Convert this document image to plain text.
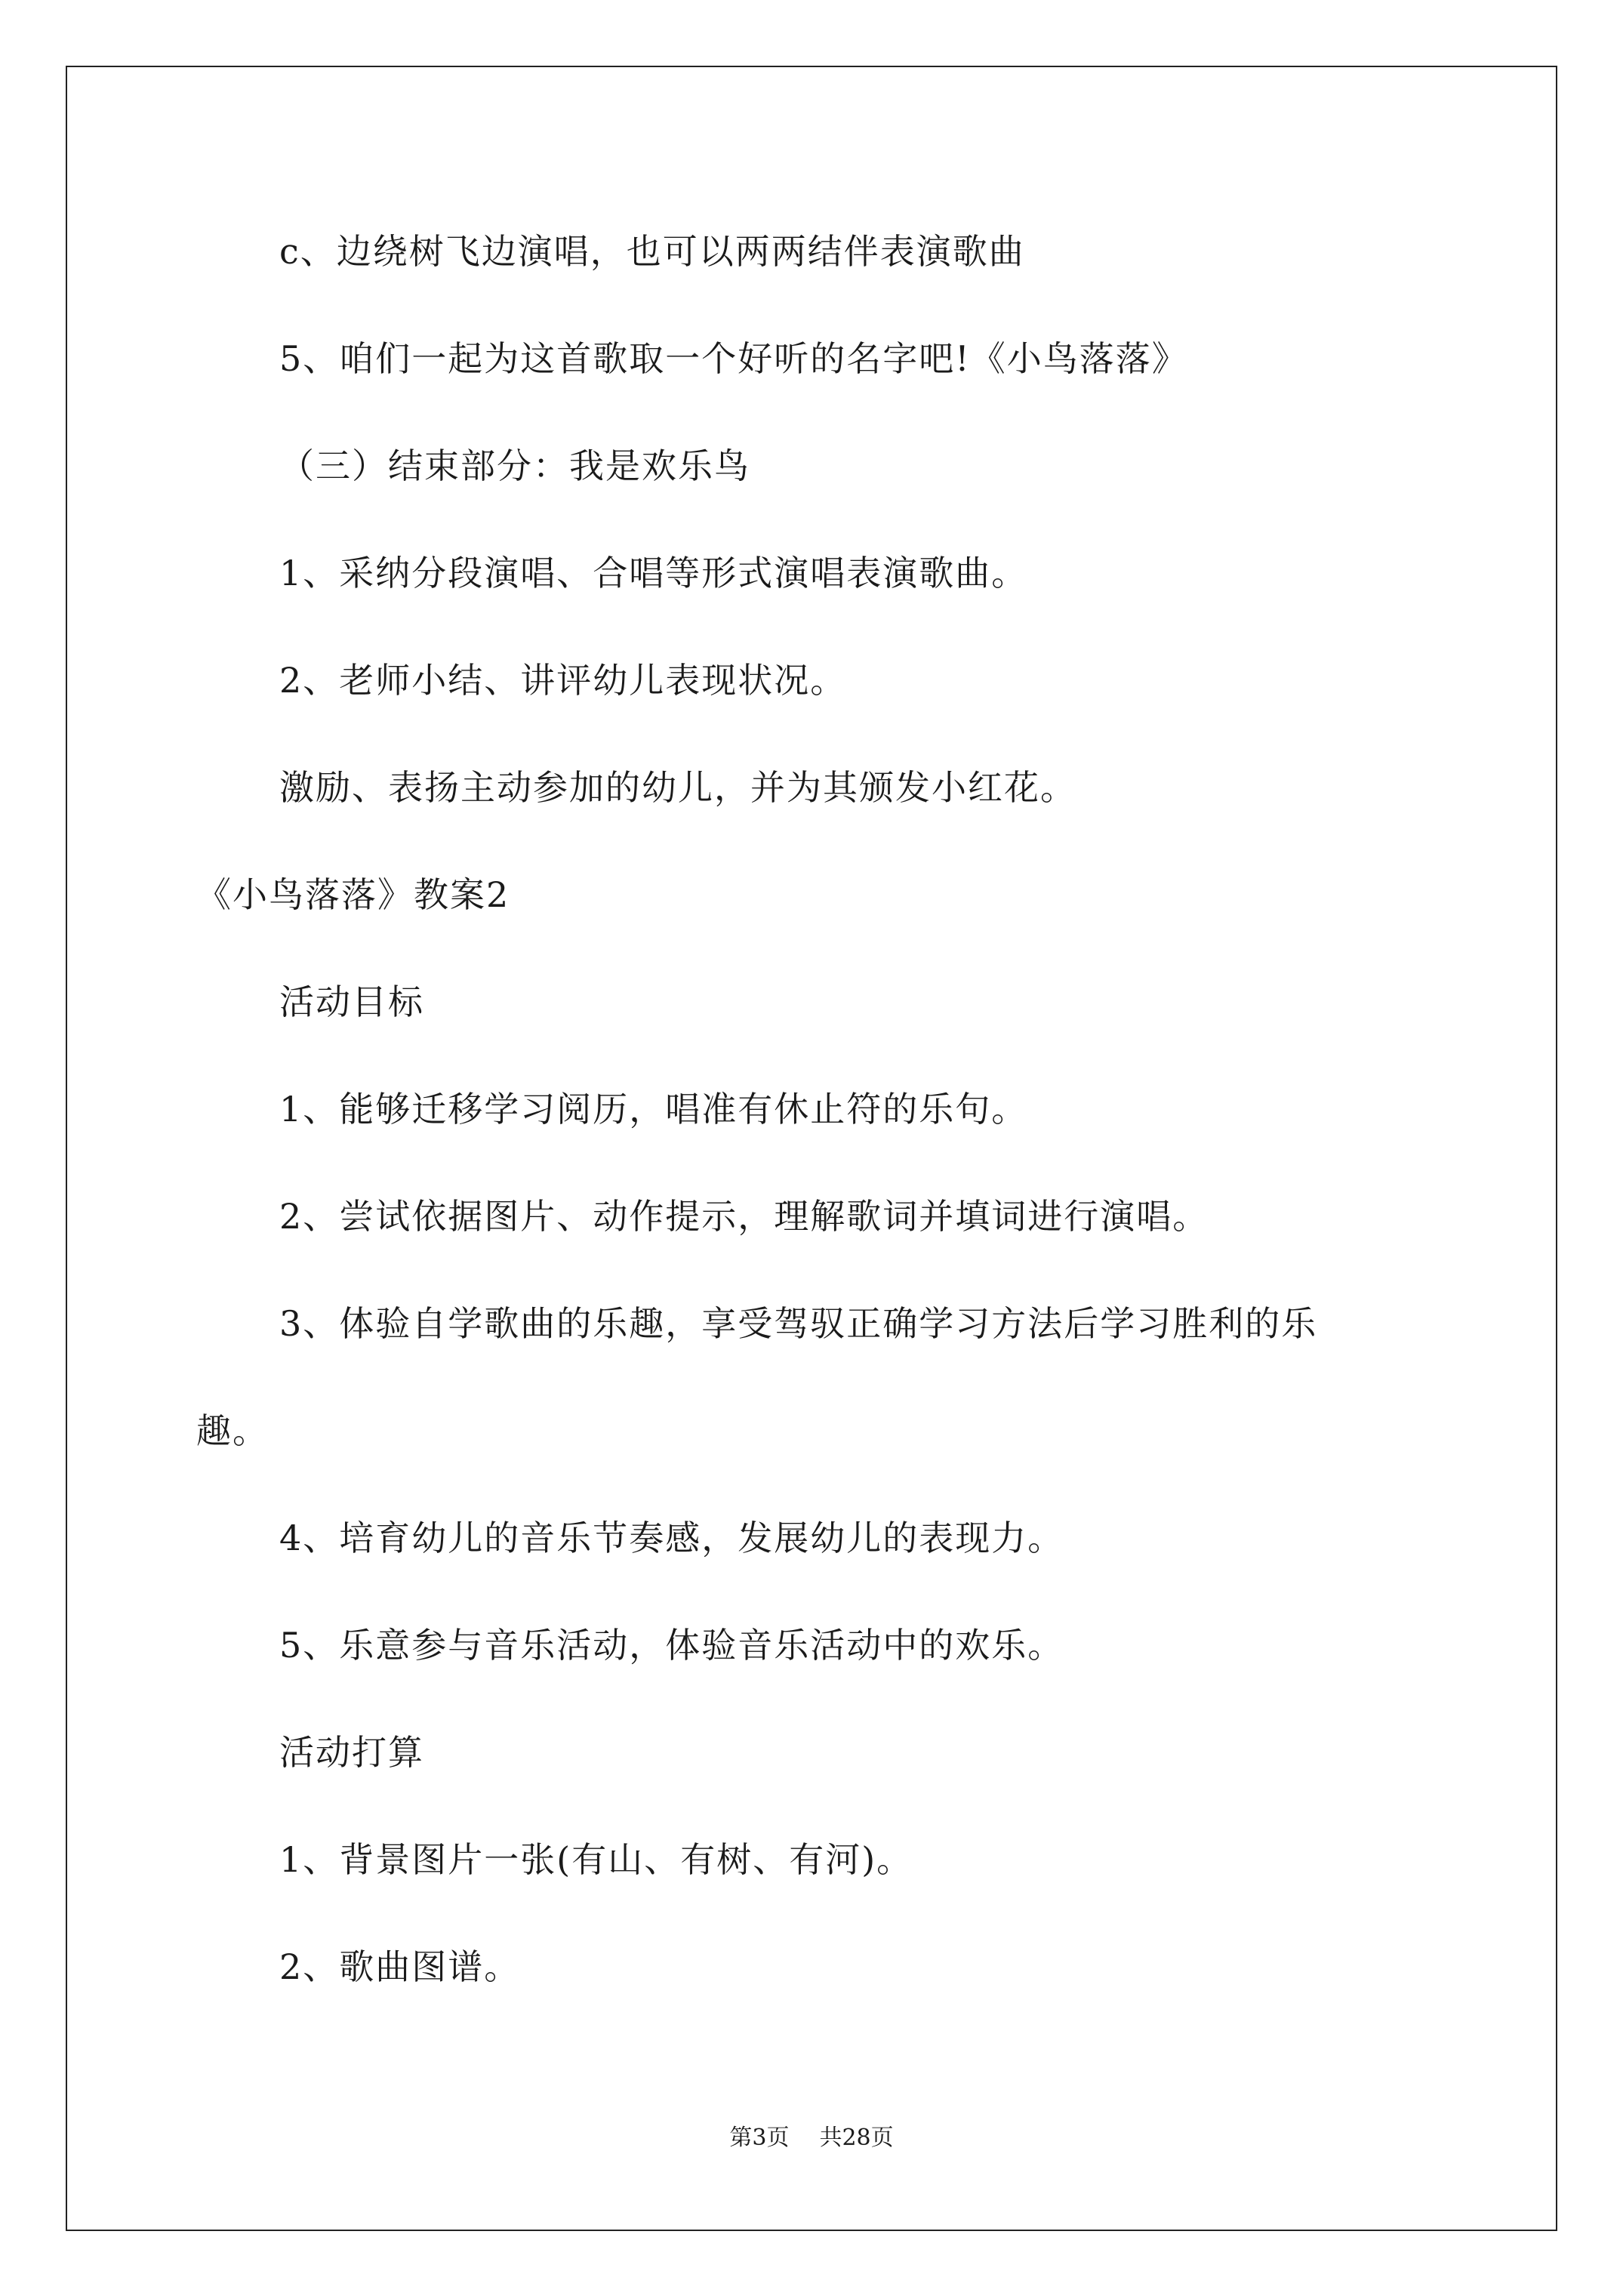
c、边绕树飞边演唱，也可以两两结伴表演歌曲
5、咱们一起为这首歌取一个好听的名字吧!《小鸟落落》
（三）结束部分：我是欢乐鸟
1、采纳分段演唱、合唱等形式演唱表演歌曲。
2、老师小结、讲评幼儿表现状况。
激励、表扬主动参加的幼儿，并为其颁发小红花。
《小鸟落落》教案2
活动目标
1、能够迁移学习阅历，唱准有休止符的乐句。
2、尝试依据图片、动作提示，理解歌词并填词进行演唱。
3、体验自学歌曲的乐趣，享受驾驭正确学习方法后学习胜利的乐
趣。
4、培育幼儿的音乐节奏感，发展幼儿的表现力。
5、乐意参与音乐活动，体验音乐活动中的欢乐。
活动打算
1、背景图片一张(有山、有树、有河)。
2、歌曲图谱。
第3页 共28页
